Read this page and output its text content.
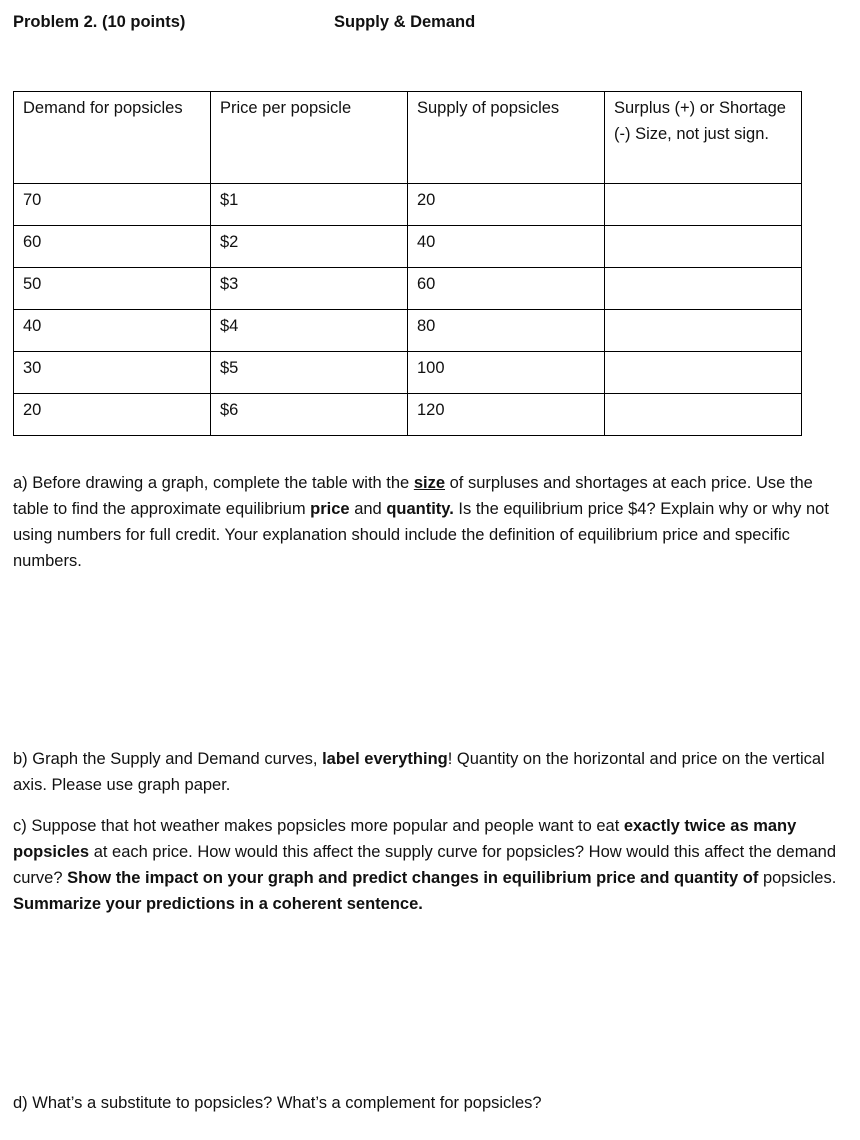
Problem 2. (10 points)	Supply & Demand
Demand for popsicles	Price per popsicle	Supply of popsicles	Surplus (+) or Shortage (-) Size, not just sign.
70	$1	20	
60	$2	40	
50	$3	60	
40	$4	80	
30	$5	100	
20	$6	120	
a) Before drawing a graph, complete the table with the size of surpluses and shortages at each price. Use the table to find the approximate equilibrium price and quantity. Is the equilibrium price $4? Explain why or why not using numbers for full credit. Your explanation should include the definition of equilibrium price and specific numbers.
b) Graph the Supply and Demand curves, label everything! Quantity on the horizontal and price on the vertical axis. Please use graph paper.
c) Suppose that hot weather makes popsicles more popular and people want to eat exactly twice as many popsicles at each price. How would this affect the supply curve for popsicles? How would this affect the demand curve? Show the impact on your graph and predict changes in equilibrium price and quantity of popsicles. Summarize your predictions in a coherent sentence.
d) What’s a substitute to popsicles? What’s a complement for popsicles?
